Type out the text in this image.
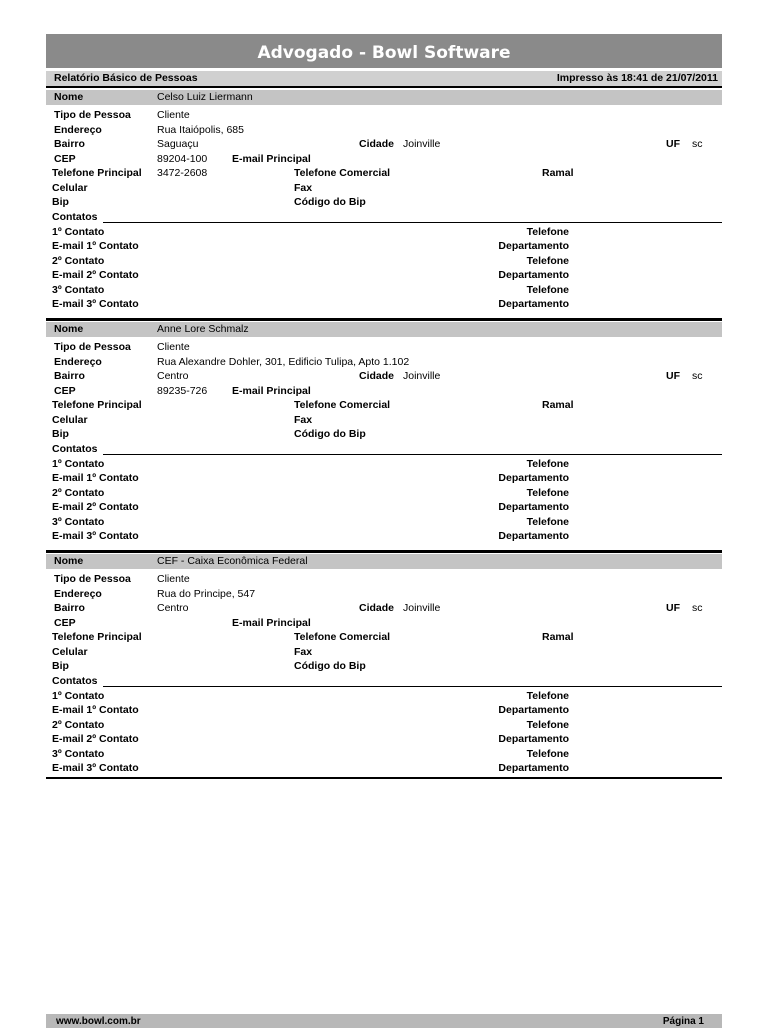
Advogado - Bowl Software
Relatório Básico de Pessoas	Impresso às 18:41 de 21/07/2011
Nome	Celso Luiz Liermann
Tipo de Pessoa Cliente
Endereço	Rua Itaiópolis, 685
Bairro	Saguaçu	Cidade Joinville	UF sc
CEP	89204-100 E-mail Principal
Telefone Principal 3472-2608	Telefone Comercial	Ramal
Celular	Fax
Bip	Código do Bip
Contatos
1º Contato	Telefone
E-mail 1º Contato	Departamento
2º Contato	Telefone
E-mail 2º Contato	Departamento
3º Contato	Telefone
E-mail 3º Contato	Departamento
Nome	Anne Lore Schmalz
Tipo de Pessoa Cliente
Endereço	Rua Alexandre Dohler, 301, Edificio Tulipa, Apto 1.102
Bairro	Centro	Cidade Joinville	UF sc
CEP	89235-726 E-mail Principal
Telefone Principal	Telefone Comercial	Ramal
Celular	Fax
Bip	Código do Bip
Contatos
1º Contato	Telefone
E-mail 1º Contato	Departamento
2º Contato	Telefone
E-mail 2º Contato	Departamento
3º Contato	Telefone
E-mail 3º Contato	Departamento
Nome	CEF - Caixa Econômica Federal
Tipo de Pessoa Cliente
Endereço	Rua do Principe, 547
Bairro	Centro	Cidade Joinville	UF sc
CEP	E-mail Principal
Telefone Principal	Telefone Comercial	Ramal
Celular	Fax
Bip	Código do Bip
Contatos
1º Contato	Telefone
E-mail 1º Contato	Departamento
2º Contato	Telefone
E-mail 2º Contato	Departamento
3º Contato	Telefone
E-mail 3º Contato	Departamento
www.bowl.com.br	Página 1
